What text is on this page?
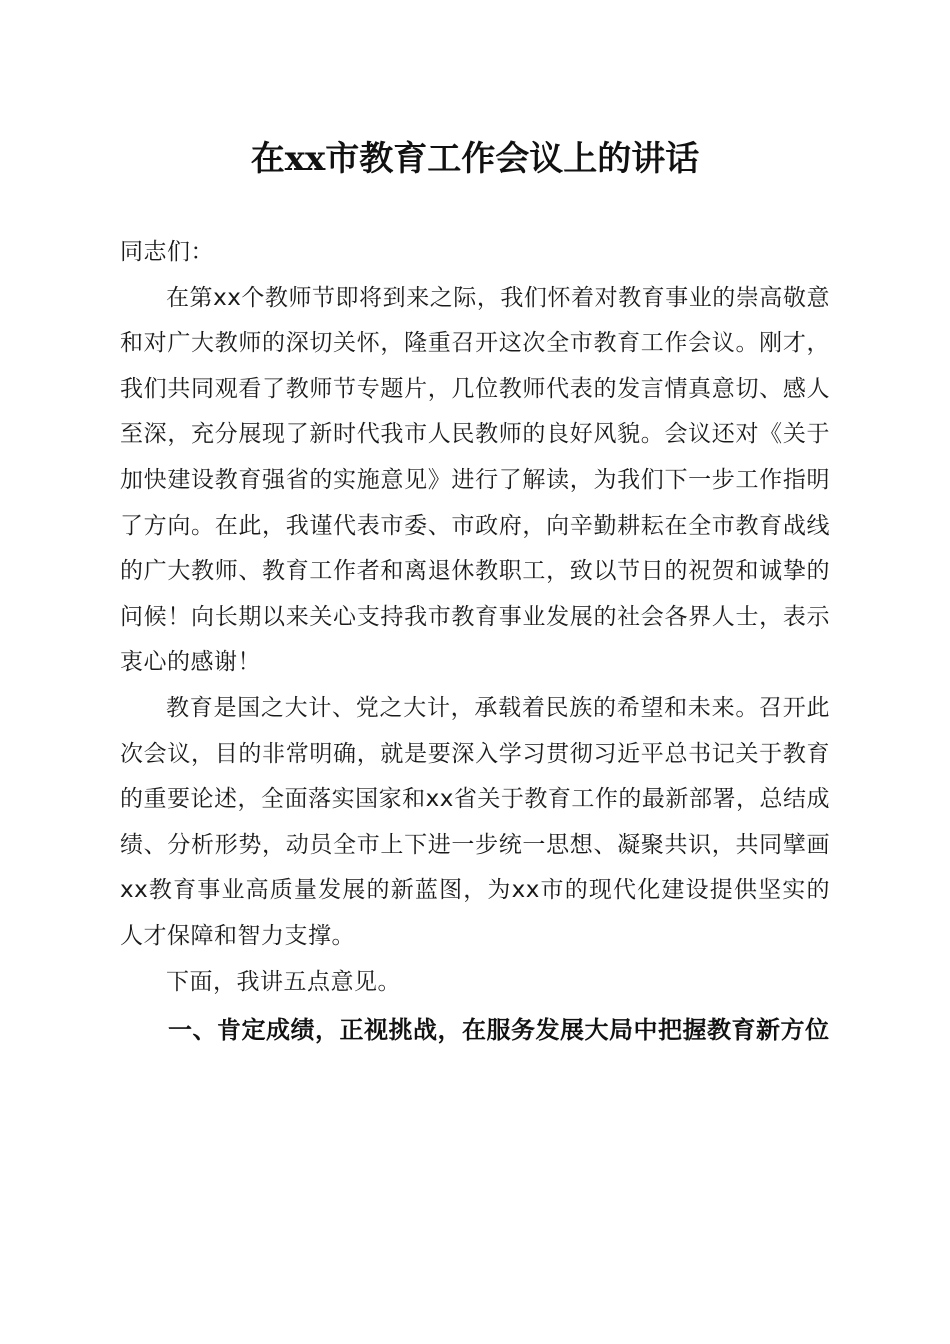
在xx市教育工作会议上的讲话

同志们：

在第xx个教师节即将到来之际，我们怀着对教育事业的崇高敬意和对广大教师的深切关怀，隆重召开这次全市教育工作会议。刚才，我们共同观看了教师节专题片，几位教师代表的发言情真意切、感人至深，充分展现了新时代我市人民教师的良好风貌。会议还对《关于加快建设教育强省的实施意见》进行了解读，为我们下一步工作指明了方向。在此，我谨代表市委、市政府，向辛勤耕耘在全市教育战线的广大教师、教育工作者和离退休教职工，致以节日的祝贺和诚挚的问候！向长期以来关心支持我市教育事业发展的社会各界人士，表示衷心的感谢！

教育是国之大计、党之大计，承载着民族的希望和未来。召开此次会议，目的非常明确，就是要深入学习贯彻习近平总书记关于教育的重要论述，全面落实国家和xx省关于教育工作的最新部署，总结成绩、分析形势，动员全市上下进一步统一思想、凝聚共识，共同擘画xx教育事业高质量发展的新蓝图，为xx市的现代化建设提供坚实的人才保障和智力支撑。

下面，我讲五点意见。

一、肯定成绩，正视挑战，在服务发展大局中把握教育新方位
